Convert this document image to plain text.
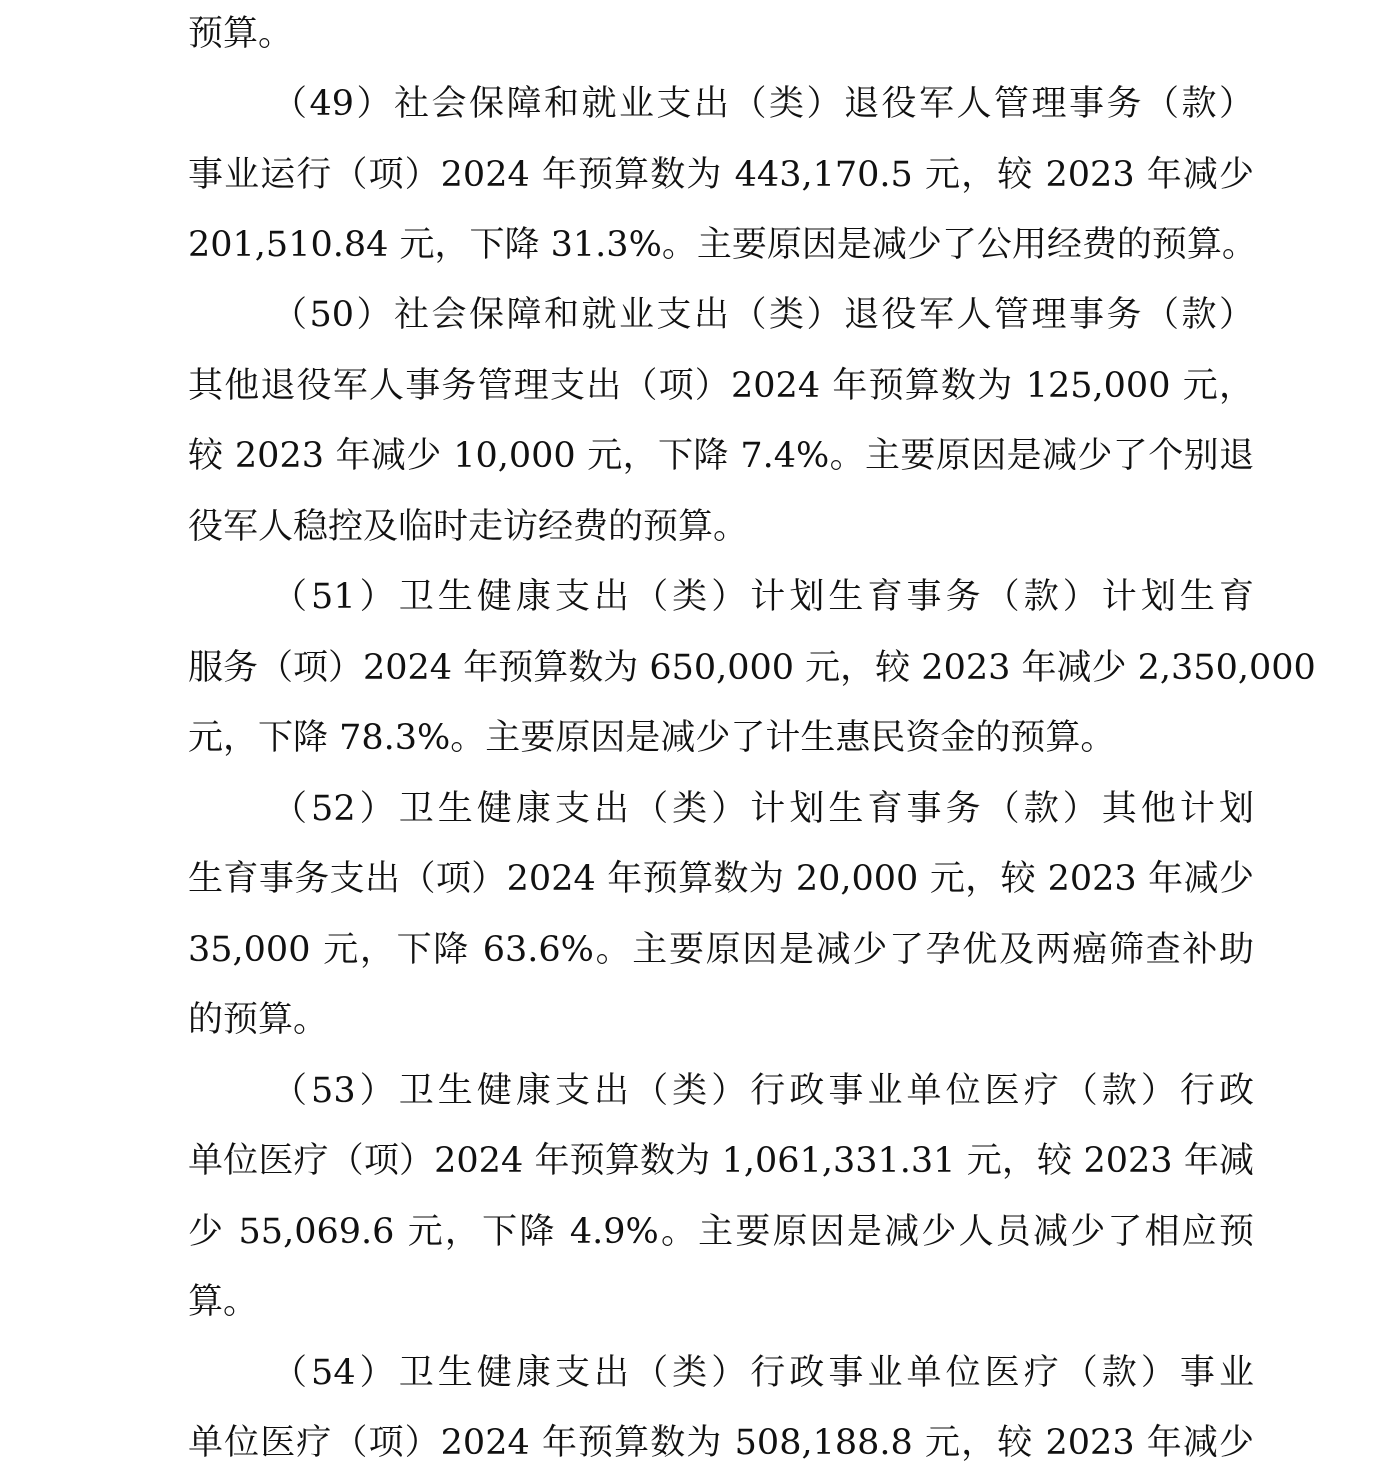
预算。
（49）社会保障和就业支出（类）退役军人管理事务（款）
事业运行（项）2024 年预算数为 443,170.5 元，较 2023 年减少
201,510.84 元，下降 31.3%。主要原因是减少了公用经费的预算。
（50）社会保障和就业支出（类）退役军人管理事务（款）
其他退役军人事务管理支出（项）2024 年预算数为 125,000 元，
较 2023 年减少 10,000 元，下降 7.4%。主要原因是减少了个别退
役军人稳控及临时走访经费的预算。
（51）卫生健康支出（类）计划生育事务（款）计划生育
服务（项）2024 年预算数为 650,000 元，较 2023 年减少 2,350,000
元，下降 78.3%。主要原因是减少了计生惠民资金的预算。
（52）卫生健康支出（类）计划生育事务（款）其他计划
生育事务支出（项）2024 年预算数为 20,000 元，较 2023 年减少
35,000 元，下降 63.6%。主要原因是减少了孕优及两癌筛查补助
的预算。
（53）卫生健康支出（类）行政事业单位医疗（款）行政
单位医疗（项）2024 年预算数为 1,061,331.31 元，较 2023 年减
少 55,069.6 元，下降 4.9%。主要原因是减少人员减少了相应预
算。
（54）卫生健康支出（类）行政事业单位医疗（款）事业
单位医疗（项）2024 年预算数为 508,188.8 元，较 2023 年减少
